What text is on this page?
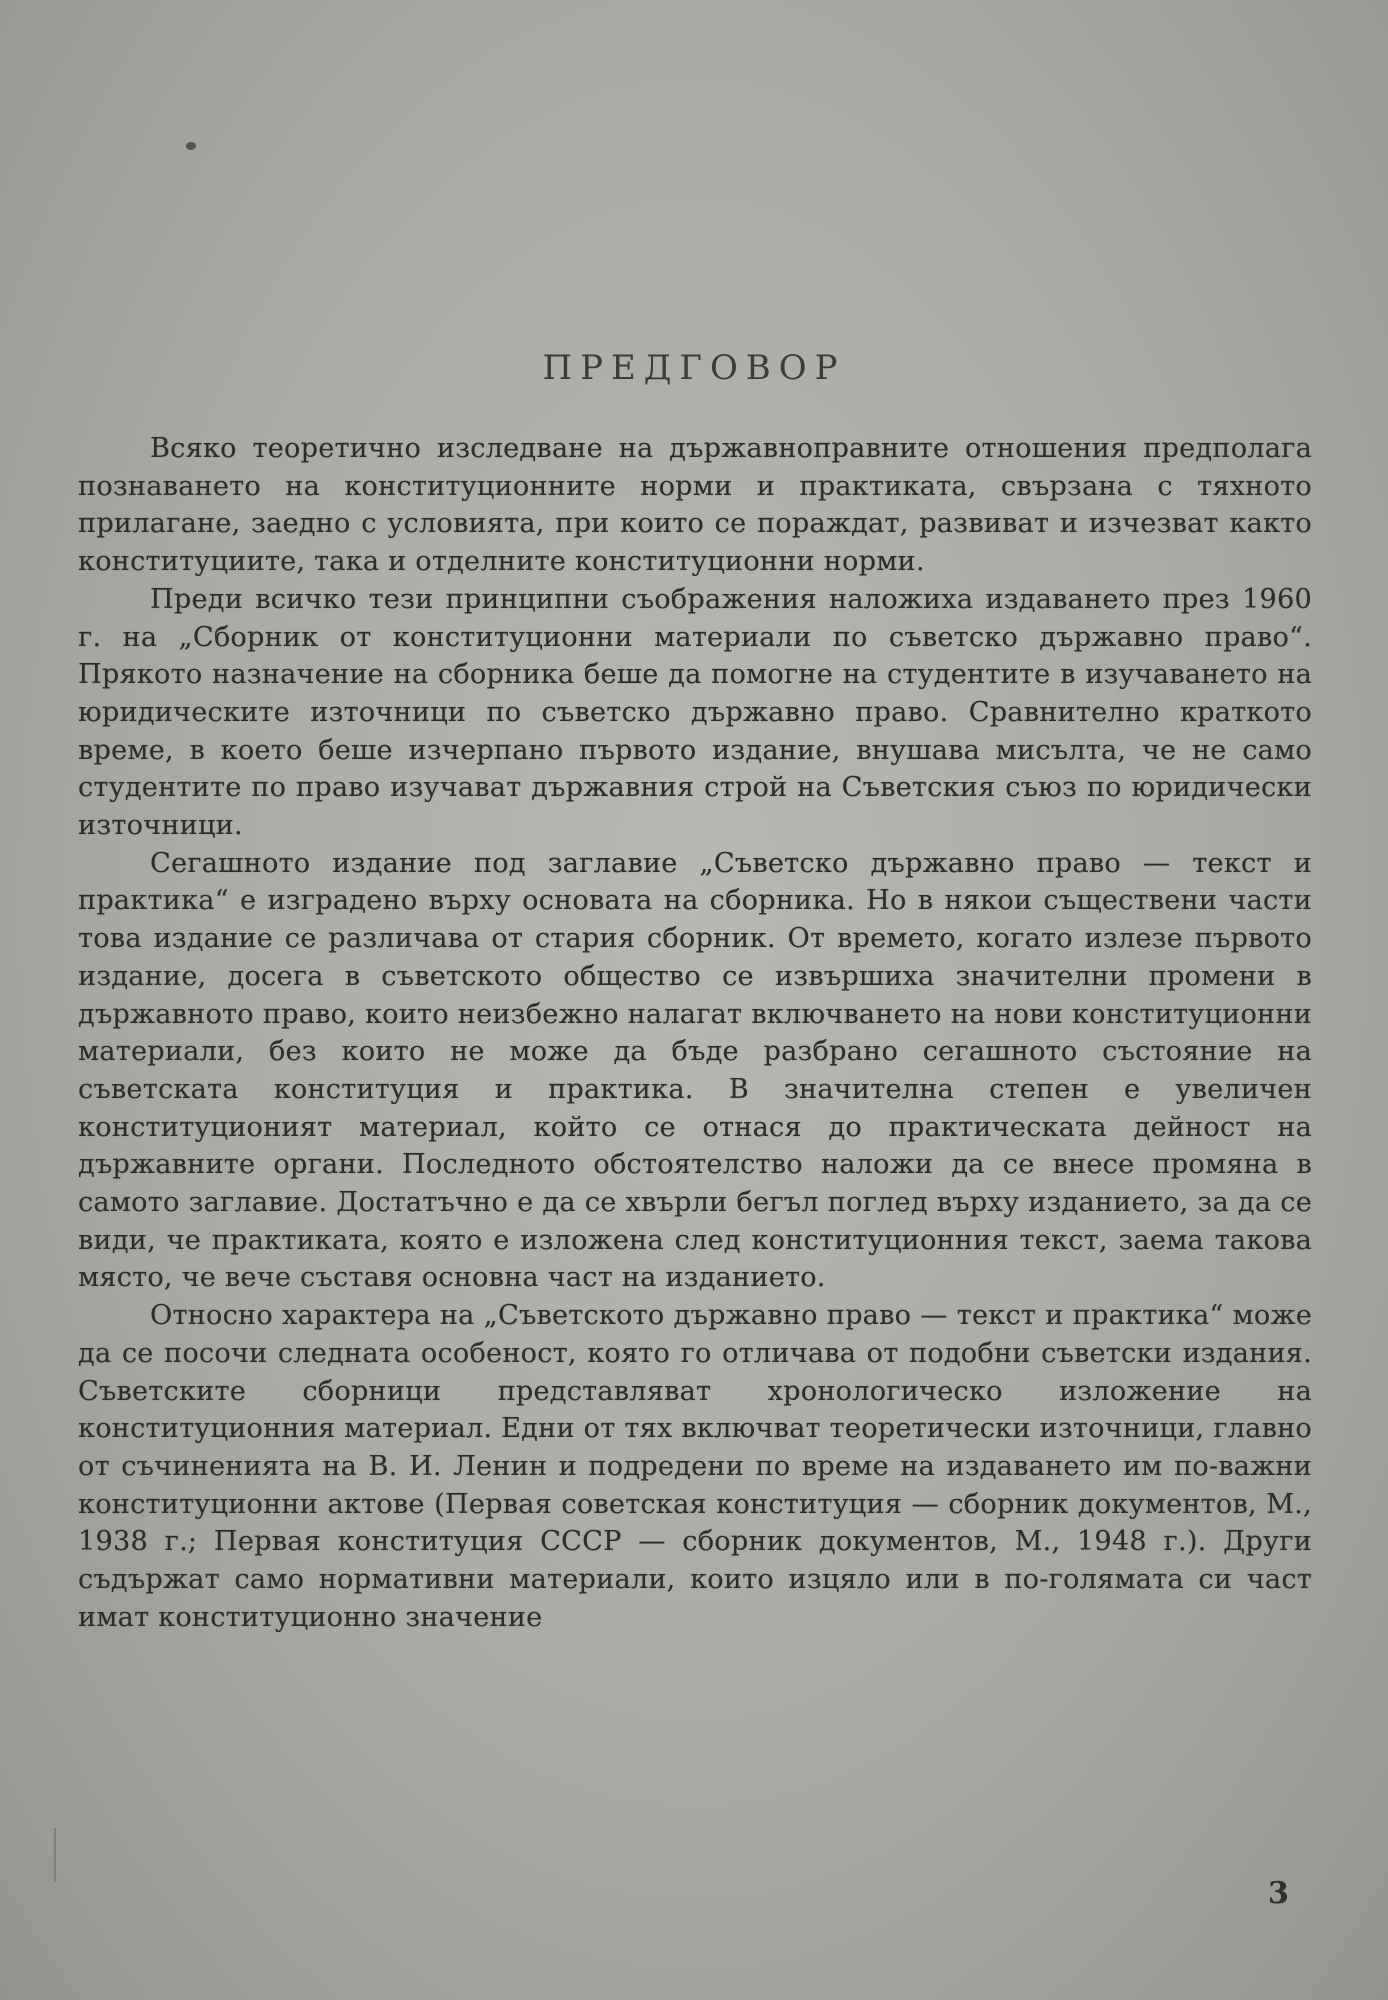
ПРЕДГОВОР

Всяко теоретично изследване на държавноправните отношения предполага познаването на конституционните норми и практиката, свързана с тяхното прилагане, заедно с условията, при които се пораждат, развиват и изчезват както конституциите, така и отделните конституционни норми.

Преди всичко тези принципни съображения наложиха издаването през 1960 г. на „Сборник от конституционни материали по съветско държавно право“. Прякото назначение на сборника беше да помогне на студентите в изучаването на юридическите източници по съветско държавно право. Сравнително краткото време, в което беше изчерпано първото издание, внушава мисълта, че не само студентите по право изучават държавния строй на Съветския съюз по юридически източници.

Сегашното издание под заглавие „Съветско държавно право — текст и практика“ е изградено върху основата на сборника. Но в някои съществени части това издание се различава от стария сборник. От времето, когато излезе първото издание, досега в съветското общество се извършиха значителни промени в държавното право, които неизбежно налагат включването на нови конституционни материали, без които не може да бъде разбрано сегашното състояние на съветската конституция и практика. В значителна степен е увеличен конституционият материал, който се отнася до практическата дейност на държавните органи. Последното обстоятелство наложи да се внесе промяна в самото заглавие. Достатъчно е да се хвърли бегъл поглед върху изданието, за да се види, че практиката, която е изложена след конституционния текст, заема такова място, че вече съставя основна част на изданието.

Относно характера на „Съветското държавно право — текст и практика“ може да се посочи следната особеност, която го отличава от подобни съветски издания. Съветските сборници представляват хронологическо изложение на конституционния материал. Едни от тях включват теоретически източници, главно от съчиненията на В. И. Ленин и подредени по време на издаването им по-важни конституционни актове (Первая советская конституция — сборник документов, М., 1938 г.; Первая конституция СССР — сборник документов, М., 1948 г.). Други съдържат само нормативни материали, които изцяло или в по-голямата си част имат конституционно значение

3
